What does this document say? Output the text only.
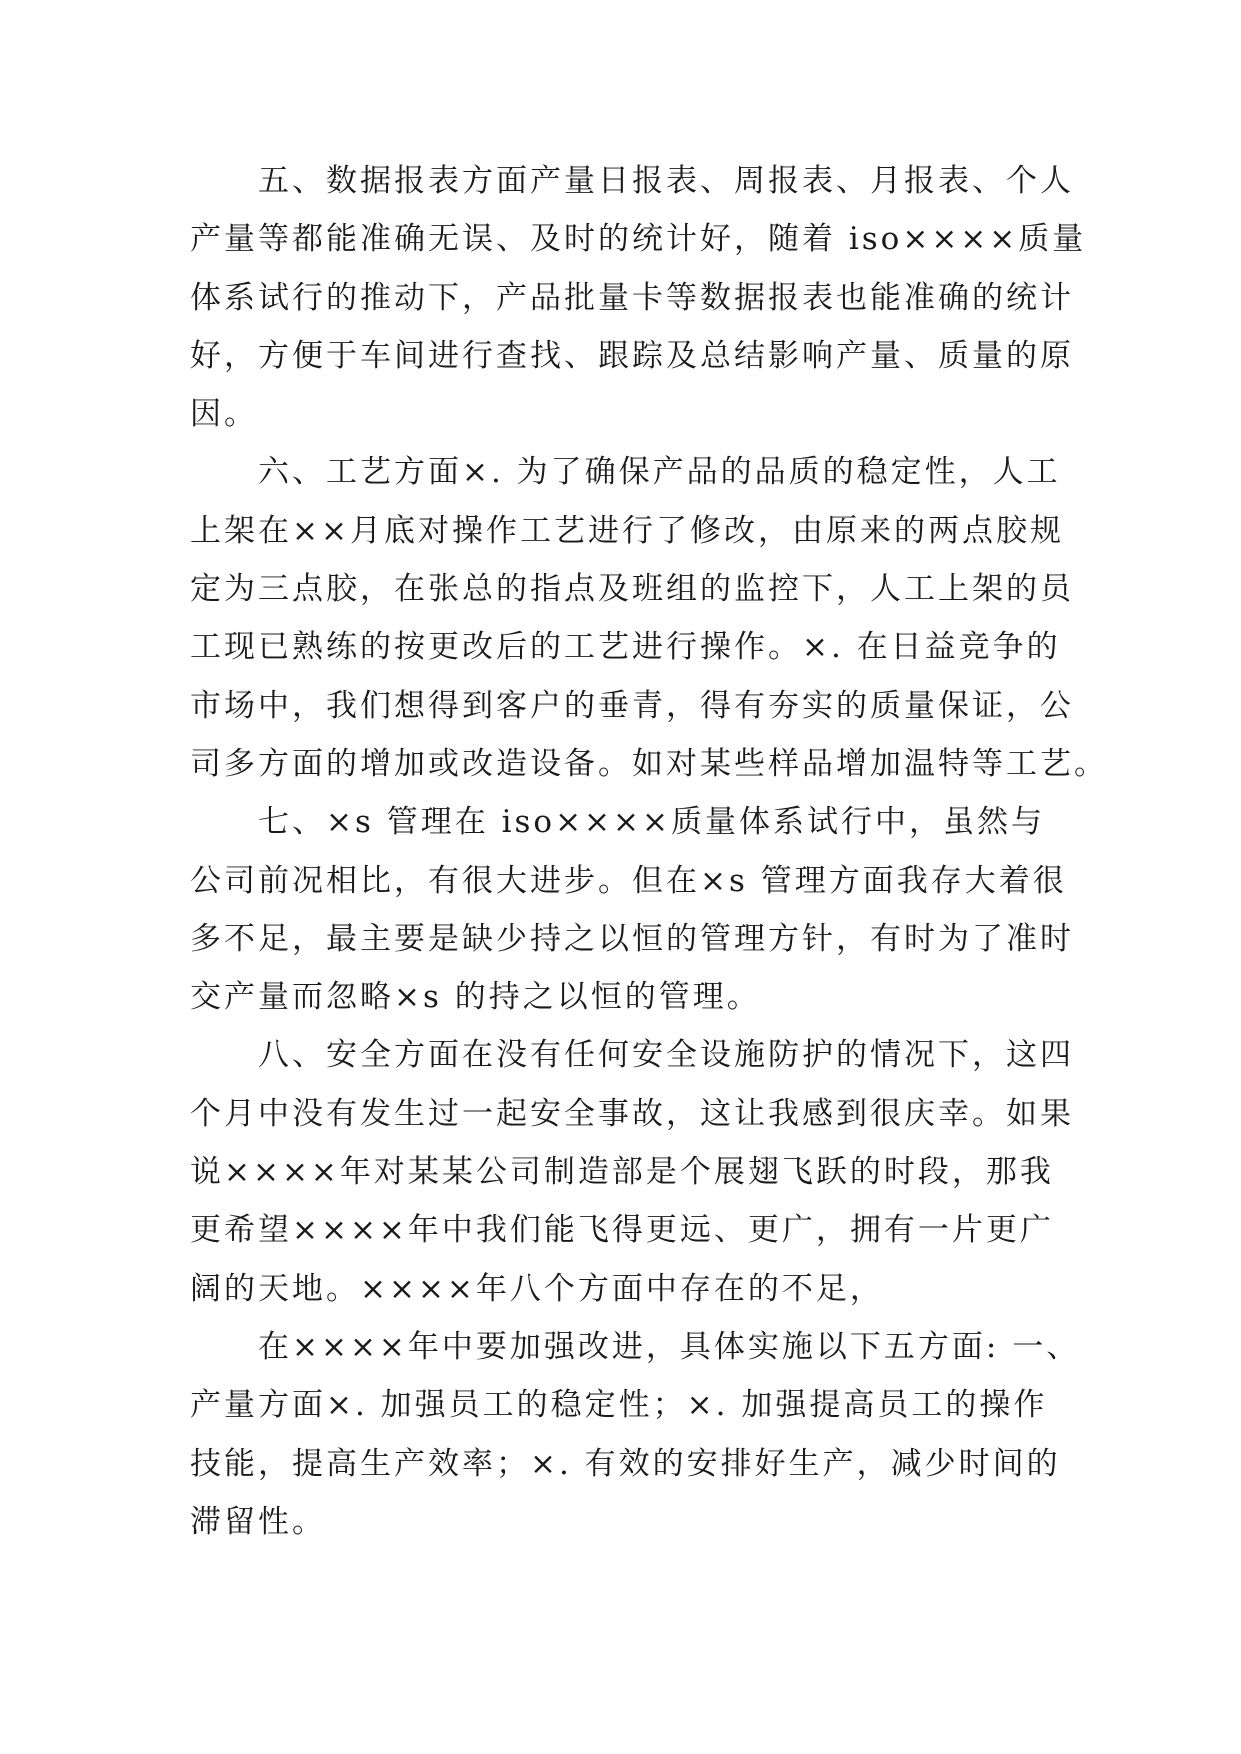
五、数据报表方面产量日报表、周报表、月报表、个人
产量等都能准确无误、及时的统计好，随着 iso××××质量
体系试行的推动下，产品批量卡等数据报表也能准确的统计
好，方便于车间进行查找、跟踪及总结影响产量、质量的原
因。

六、工艺方面×. 为了确保产品的品质的稳定性，人工
上架在××月底对操作工艺进行了修改，由原来的两点胶规
定为三点胶，在张总的指点及班组的监控下，人工上架的员
工现已熟练的按更改后的工艺进行操作。×. 在日益竞争的
市场中，我们想得到客户的垂青，得有夯实的质量保证，公
司多方面的增加或改造设备。如对某些样品增加温特等工艺。

七、×s 管理在 iso××××质量体系试行中，虽然与
公司前况相比，有很大进步。但在×s 管理方面我存大着很
多不足，最主要是缺少持之以恒的管理方针，有时为了准时
交产量而忽略×s 的持之以恒的管理。

八、安全方面在没有任何安全设施防护的情况下，这四
个月中没有发生过一起安全事故，这让我感到很庆幸。如果
说××××年对某某公司制造部是个展翅飞跃的时段，那我
更希望××××年中我们能飞得更远、更广，拥有一片更广
阔的天地。××××年八个方面中存在的不足，

在××××年中要加强改进，具体实施以下五方面: 一、
产量方面×. 加强员工的稳定性；×. 加强提高员工的操作
技能，提高生产效率；×. 有效的安排好生产，减少时间的
滞留性。
